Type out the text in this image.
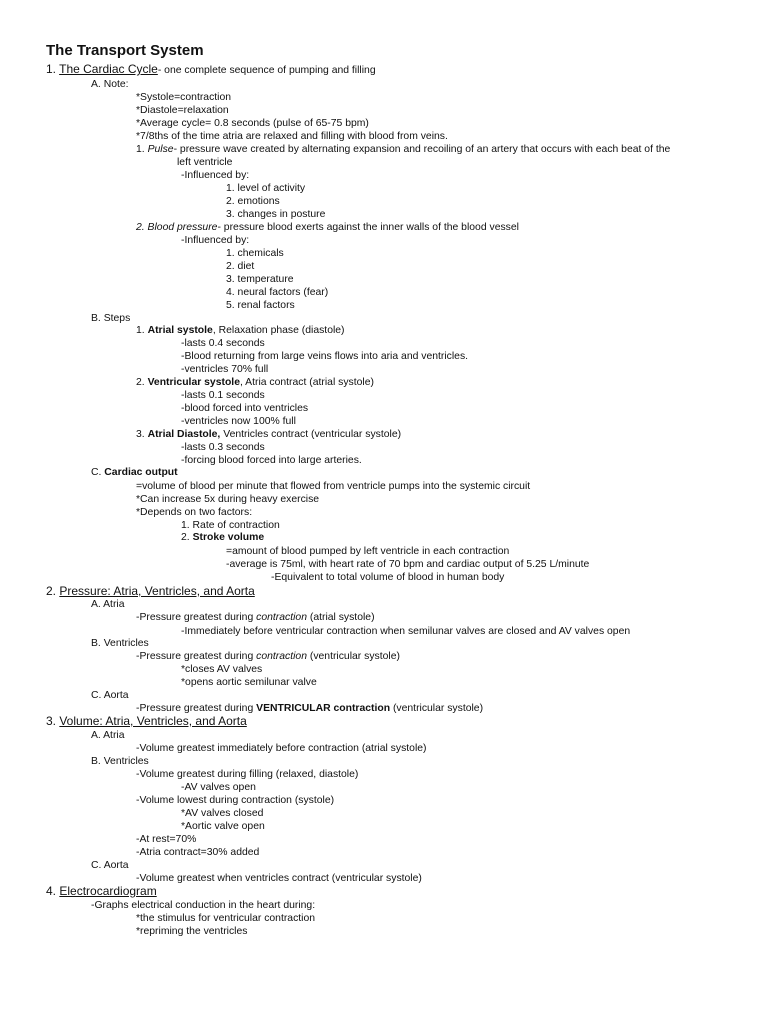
The Transport System
1. The Cardiac Cycle- one complete sequence of pumping and filling
A. Note:
*Systole=contraction
*Diastole=relaxation
*Average cycle= 0.8 seconds (pulse of 65-75 bpm)
*7/8ths of the time atria are relaxed and filling with blood from veins.
1. Pulse- pressure wave created by alternating expansion and recoiling of an artery that occurs with each beat of the
left ventricle
-Influenced by:
1. level of activity
2. emotions
3. changes in posture
2. Blood pressure- pressure blood exerts against the inner walls of the blood vessel
-Influenced by:
1. chemicals
2. diet
3. temperature
4. neural factors (fear)
5. renal factors
B. Steps
1. Atrial systole, Relaxation phase (diastole)
-lasts 0.4 seconds
-Blood returning from large veins flows into aria and ventricles.
-ventricles 70% full
2. Ventricular systole, Atria contract (atrial systole)
-lasts 0.1 seconds
-blood forced into ventricles
-ventricles now 100% full
3. Atrial Diastole, Ventricles contract (ventricular systole)
-lasts 0.3 seconds
-forcing blood forced into large arteries.
C. Cardiac output
=volume of blood per minute that flowed from ventricle pumps into the systemic circuit
*Can increase 5x during heavy exercise
*Depends on two factors:
1. Rate of contraction
2. Stroke volume
=amount of blood pumped by left ventricle in each contraction
-average is 75ml, with heart rate of 70 bpm and cardiac output of 5.25 L/minute
-Equivalent to total volume of blood in human body
2. Pressure: Atria, Ventricles, and Aorta
A. Atria
-Pressure greatest during contraction (atrial systole)
-Immediately before ventricular contraction when semilunar valves are closed and AV valves open
B. Ventricles
-Pressure greatest during contraction (ventricular systole)
*closes AV valves
*opens aortic semilunar valve
C. Aorta
-Pressure greatest during VENTRICULAR contraction (ventricular systole)
3. Volume: Atria, Ventricles, and Aorta
A. Atria
-Volume greatest immediately before contraction (atrial systole)
B. Ventricles
-Volume greatest during filling (relaxed, diastole)
-AV valves open
-Volume lowest during contraction (systole)
*AV valves closed
*Aortic valve open
-At rest=70%
-Atria contract=30% added
C. Aorta
-Volume greatest when ventricles contract (ventricular systole)
4. Electrocardiogram
-Graphs electrical conduction in the heart during:
*the stimulus for ventricular contraction
*repriming the ventricles
